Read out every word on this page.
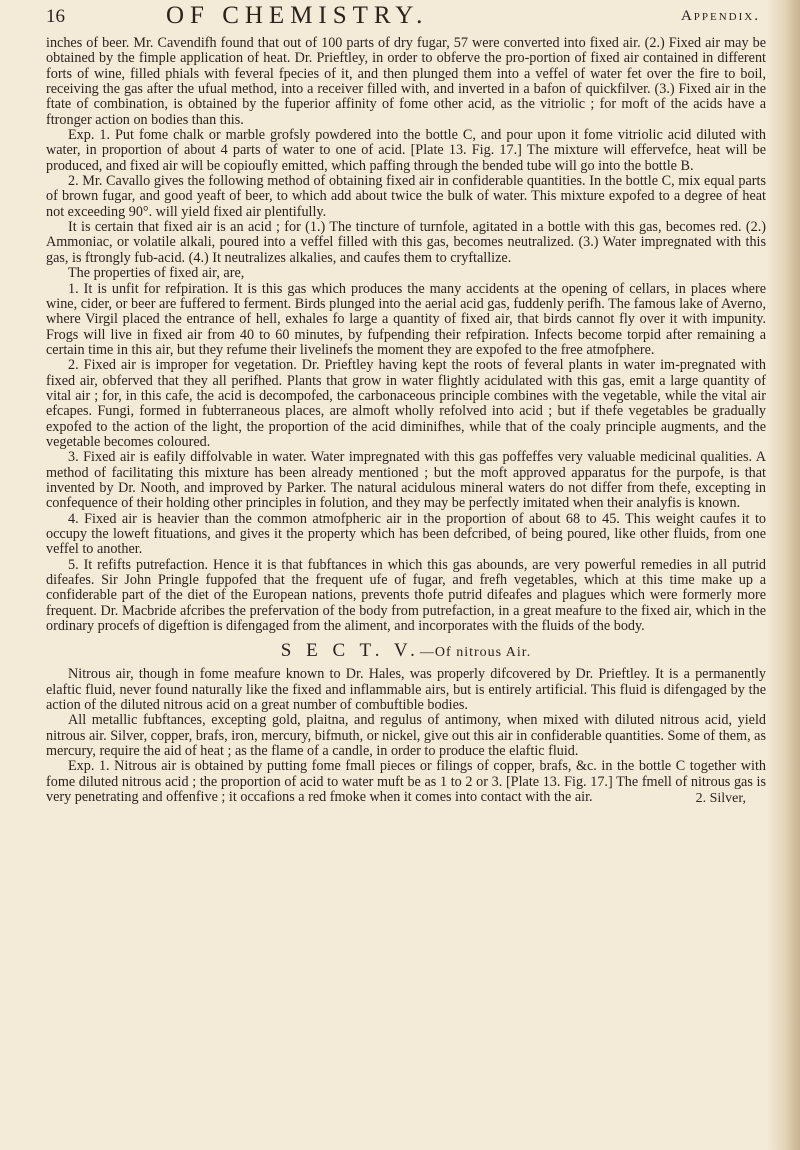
16	OF CHEMISTRY.	Appendix.

inches of beer. Mr. Cavendifh found that out of 100 parts of dry fugar, 57 were converted into fixed air. (2.) Fixed air may be obtained by the fimple application of heat. Dr. Prieftley, in order to obferve the pro-portion of fixed air contained in different forts of wine, filled phials with feveral fpecies of it, and then plunged them into a veffel of water fet over the fire to boil, receiving the gas after the ufual method, into a receiver filled with, and inverted in a bafon of quickfilver. (3.) Fixed air in the ftate of combination, is obtained by the fuperior affinity of fome other acid, as the vitriolic ; for moft of the acids have a ftronger action on bodies than this.

Exp. 1. Put fome chalk or marble grofsly powdered into the bottle C, and pour upon it fome vitriolic acid diluted with water, in proportion of about 4 parts of water to one of acid. [Plate 13. Fig. 17.] The mixture will effervefce, heat will be produced, and fixed air will be copioufly emitted, which paffing through the bended tube will go into the bottle B.

2. Mr. Cavallo gives the following method of obtaining fixed air in confiderable quantities. In the bottle C, mix equal parts of brown fugar, and good yeaft of beer, to which add about twice the bulk of water. This mixture expofed to a degree of heat not exceeding 90°. will yield fixed air plentifully.

It is certain that fixed air is an acid ; for (1.) The tincture of turnfole, agitated in a bottle with this gas, becomes red. (2.) Ammoniac, or volatile alkali, poured into a veffel filled with this gas, becomes neutralized. (3.) Water impregnated with this gas, is ftrongly fub-acid. (4.) It neutralizes alkalies, and caufes them to cryftallize.

The properties of fixed air, are,

1. It is unfit for refpiration. It is this gas which produces the many accidents at the opening of cellars, in places where wine, cider, or beer are fuffered to ferment. Birds plunged into the aerial acid gas, fuddenly perifh. The famous lake of Averno, where Virgil placed the entrance of hell, exhales fo large a quantity of fixed air, that birds cannot fly over it with impunity. Frogs will live in fixed air from 40 to 60 minutes, by fufpending their refpiration. Infects become torpid after remaining a certain time in this air, but they refume their livelinefs the moment they are expofed to the free atmofphere.

2. Fixed air is improper for vegetation. Dr. Prieftley having kept the roots of feveral plants in water im-pregnated with fixed air, obferved that they all perifhed. Plants that grow in water flightly acidulated with this gas, emit a large quantity of vital air ; for, in this cafe, the acid is decompofed, the carbonaceous principle combines with the vegetable, while the vital air efcapes. Fungi, formed in fubterraneous places, are almoft wholly refolved into acid ; but if thefe vegetables be gradually expofed to the action of the light, the proportion of the acid diminifhes, while that of the coaly principle augments, and the vegetable becomes coloured.

3. Fixed air is eafily diffolvable in water. Water impregnated with this gas poffeffes very valuable medicinal qualities. A method of facilitating this mixture has been already mentioned ; but the moft approved apparatus for the purpofe, is that invented by Dr. Nooth, and improved by Parker. The natural acidulous mineral waters do not differ from thefe, excepting in confequence of their holding other principles in folution, and they may be perfectly imitated when their analyfis is known.

4. Fixed air is heavier than the common atmofpheric air in the proportion of about 68 to 45. This weight caufes it to occupy the loweft fituations, and gives it the property which has been defcribed, of being poured, like other fluids, from one veffel to another.

5. It refifts putrefaction. Hence it is that fubftances in which this gas abounds, are very powerful remedies in all putrid difeafes. Sir John Pringle fuppofed that the frequent ufe of fugar, and frefh vegetables, which at this time make up a confiderable part of the diet of the European nations, prevents thofe putrid difeafes and plagues which were formerly more frequent. Dr. Macbride afcribes the prefervation of the body from putrefaction, in a great meafure to the fixed air, which in the ordinary procefs of digeftion is difengaged from the aliment, and incorporates with the fluids of the body.

S E C T. V.—Of nitrous Air.

Nitrous air, though in fome meafure known to Dr. Hales, was properly difcovered by Dr. Prieftley. It is a permanently elaftic fluid, never found naturally like the fixed and inflammable airs, but is entirely artificial. This fluid is difengaged by the action of the diluted nitrous acid on a great number of combuftible bodies.

All metallic fubftances, excepting gold, plaitna, and regulus of antimony, when mixed with diluted nitrous acid, yield nitrous air. Silver, copper, brafs, iron, mercury, bifmuth, or nickel, give out this air in confiderable quantities. Some of them, as mercury, require the aid of heat ; as the flame of a candle, in order to produce the elaftic fluid.

Exp. 1. Nitrous air is obtained by putting fome fmall pieces or filings of copper, brafs, &c. in the bottle C together with fome diluted nitrous acid ; the proportion of acid to water muft be as 1 to 2 or 3. [Plate 13. Fig. 17.] The fmell of nitrous gas is very penetrating and offenfive ; it occafions a red fmoke when it comes into contact with the air.	2. Silver,
